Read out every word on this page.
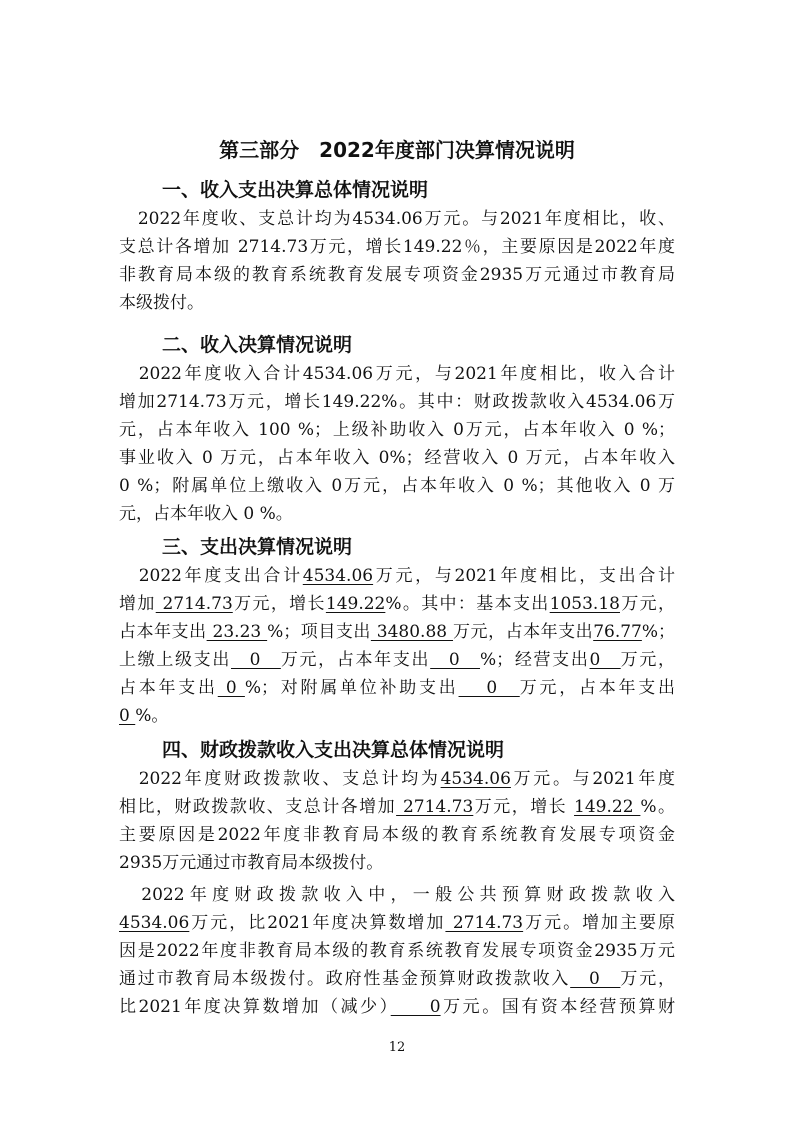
第三部分　2022年度部门决算情况说明
一、收入支出决算总体情况说明
　2022年度收、支总计均为4534.06万元。与2021年度相比，收、
支总计各增加 2714.73万元，增长149.22％，主要原因是2022年度
非教育局本级的教育系统教育发展专项资金2935万元通过市教育局
本级拨付。
二、收入决算情况说明
　2022年度收入合计4534.06万元，与2021年度相比，收入合计
增加2714.73万元，增长149.22%。其中：财政拨款收入4534.06万
元，占本年收入 100 %；上级补助收入 0万元，占本年收入 0 %；
事业收入 0 万元，占本年收入 0%；经营收入 0 万元，占本年收入
0 %；附属单位上缴收入 0万元，占本年收入 0 %；其他收入 0 万
元，占本年收入 0 %。
三、支出决算情况说明
　2022年度支出合计4534.06万元，与2021年度相比，支出合计
增加 2714.73万元，增长149.22%。其中：基本支出1053.18万元，
占本年支出 23.23 %；项目支出 3480.88 万元，占本年支出76.77%；
上缴上级支出　0　万元，占本年支出　0　%；经营支出0　万元，
占本年支出 0 %；对附属单位补助支出　 0　万元，占本年支出
0 %。
四、财政拨款收入支出决算总体情况说明
　2022年度财政拨款收、支总计均为4534.06万元。与2021年度
相比，财政拨款收、支总计各增加 2714.73万元，增长 149.22 %。
主要原因是2022年度非教育局本级的教育系统教育发展专项资金
2935万元通过市教育局本级拨付。
　2022年度财政拨款收入中，一般公共预算财政拨款收入
4534.06万元，比2021年度决算数增加 2714.73万元。增加主要原
因是2022年度非教育局本级的教育系统教育发展专项资金2935万元
通过市教育局本级拨付。政府性基金预算财政拨款收入　0　万元，
比2021年度决算数增加（减少）　　0万元。国有资本经营预算财
12
